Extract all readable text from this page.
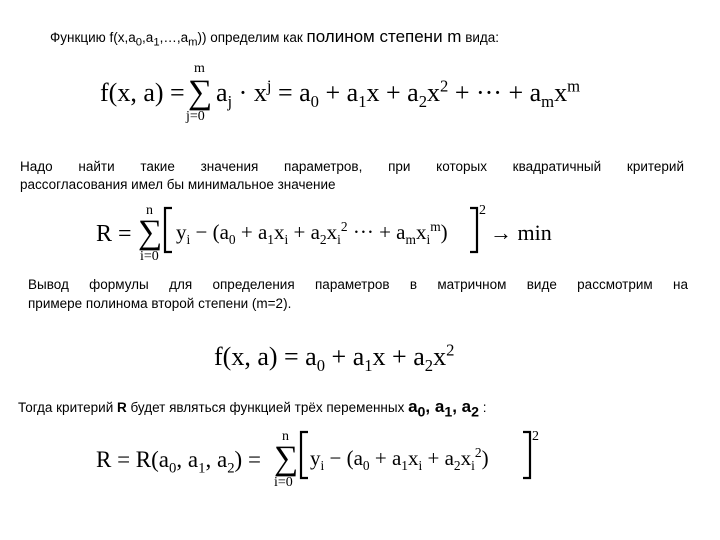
Функцию $f(x,a_0,a_1,\dots,a_m)$) определим как полином степени m вида:
f(x, a) = ∑
m
j=0
$a_j \cdot x^j = a_0 + a_1x + a_2x^2$ + ··· + $a_mx^m$
Надо найти такие значения параметров, при которых квадратичный критерий
рассогласования имел бы минимальное значение
R = ∑
n
i=0
$y_i - (a_0 + a_1x_i + a_2x_i^2$ ··· + $a_mx_i^m$)
2
→ min
Вывод формулы для определения параметров в матричном виде рассмотрим на
примере полинома второй степени (m=2).
f(x, $a) = a_0 + a_1x + a_2x^2$
Тогда критерий R будет являться функцией трёх переменных $a_0$, $a_1$, $a_2$ :
$R = R(a_0$, $a_1$, $a_2$) = ∑
n
i=0
$y_i - (a_0 + a_1x_i + a_2x_i^2)$
2
